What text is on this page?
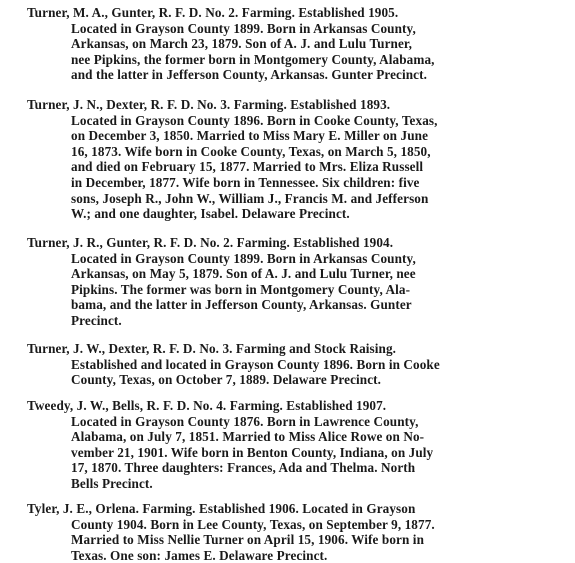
Turner, M. A., Gunter, R. F. D. No. 2. Farming. Established 1905.
Located in Grayson County 1899. Born in Arkansas County,
Arkansas, on March 23, 1879. Son of A. J. and Lulu Turner,
nee Pipkins, the former born in Montgomery County, Alabama,
and the latter in Jefferson County, Arkansas. Gunter Precinct.
Turner, J. N., Dexter, R. F. D. No. 3. Farming. Established 1893.
Located in Grayson County 1896. Born in Cooke County, Texas,
on December 3, 1850. Married to Miss Mary E. Miller on June
16, 1873. Wife born in Cooke County, Texas, on March 5, 1850,
and died on February 15, 1877. Married to Mrs. Eliza Russell
in December, 1877. Wife born in Tennessee. Six children: five
sons, Joseph R., John W., William J., Francis M. and Jefferson
W.; and one daughter, Isabel. Delaware Precinct.
Turner, J. R., Gunter, R. F. D. No. 2. Farming. Established 1904.
Located in Grayson County 1899. Born in Arkansas County,
Arkansas, on May 5, 1879. Son of A. J. and Lulu Turner, nee
Pipkins. The former was born in Montgomery County, Ala-
bama, and the latter in Jefferson County, Arkansas. Gunter
Precinct.
Turner, J. W., Dexter, R. F. D. No. 3. Farming and Stock Raising.
Established and located in Grayson County 1896. Born in Cooke
County, Texas, on October 7, 1889. Delaware Precinct.
Tweedy, J. W., Bells, R. F. D. No. 4. Farming. Established 1907.
Located in Grayson County 1876. Born in Lawrence County,
Alabama, on July 7, 1851. Married to Miss Alice Rowe on No-
vember 21, 1901. Wife born in Benton County, Indiana, on July
17, 1870. Three daughters: Frances, Ada and Thelma. North
Bells Precinct.
Tyler, J. E., Orlena. Farming. Established 1906. Located in Grayson
County 1904. Born in Lee County, Texas, on September 9, 1877.
Married to Miss Nellie Turner on April 15, 1906. Wife born in
Texas. One son: James E. Delaware Precinct.
